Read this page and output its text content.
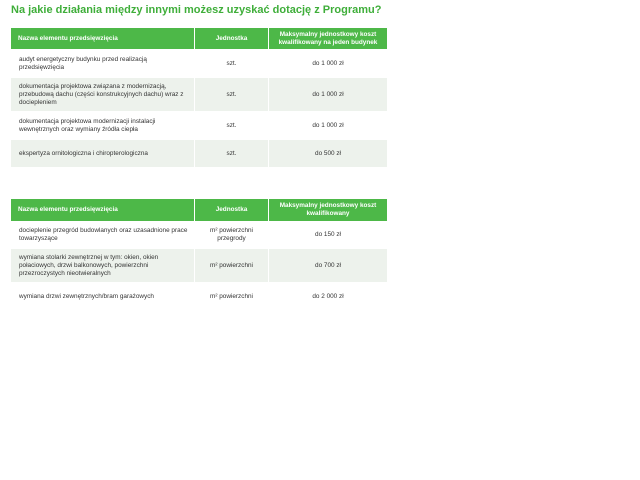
Na jakie działania między innymi możesz uzyskać dotację z Programu?
Nazwa elementu przedsięwzięcia	Jednostka	Maksymalny jednostkowy koszt kwalifikowany na jeden budynek
audyt energetyczny budynku przed realizacją przedsięwzięcia	szt.	do 1 000 zł
dokumentacja projektowa związana z modernizacją, przebudową dachu (części konstrukcyjnych dachu) wraz z dociepleniem	szt.	do 1 000 zł
dokumentacja projektowa modernizacji instalacji wewnętrznych oraz wymiany źródła ciepła	szt.	do 1 000 zł
ekspertyza ornitologiczna i chiropterologiczna	szt.	do 500 zł
Nazwa elementu przedsięwzięcia	Jednostka	Maksymalny jednostkowy koszt kwalifikowany
docieplenie przegród budowlanych oraz uzasadnione prace towarzyszące	m² powierzchni przegrody	do 150 zł
wymiana stolarki zewnętrznej w tym: okien, okien połaciowych, drzwi balkonowych, powierzchni przezroczystych nieotwieralnych	m² powierzchni	do 700 zł
wymiana drzwi zewnętrznych/bram garażowych	m² powierzchni	do 2 000 zł
